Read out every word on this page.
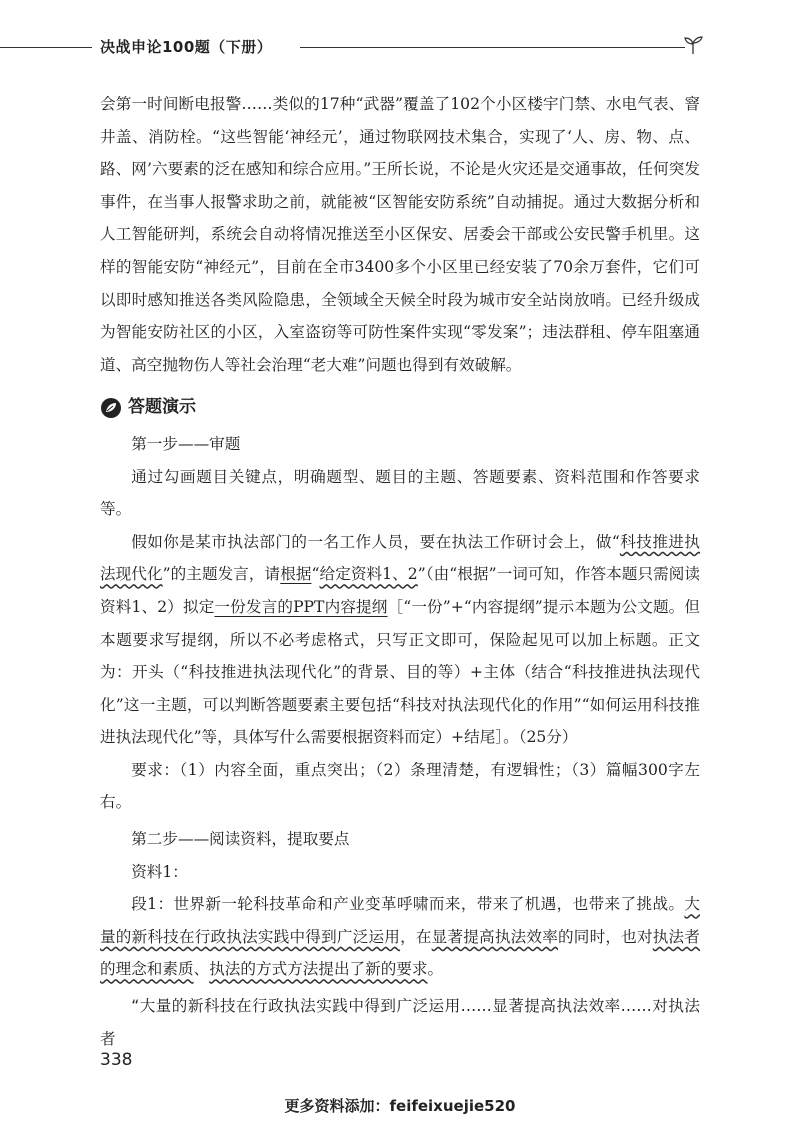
决战申论100题（下册）

会第一时间断电报警……类似的17种“武器”覆盖了102个小区楼宇门禁、水电气表、窨井盖、消防栓。“这些智能‘神经元’，通过物联网技术集合，实现了‘人、房、物、点、路、网’六要素的泛在感知和综合应用。”王所长说，不论是火灾还是交通事故，任何突发事件，在当事人报警求助之前，就能被“区智能安防系统”自动捕捉。通过大数据分析和人工智能研判，系统会自动将情况推送至小区保安、居委会干部或公安民警手机里。这样的智能安防“神经元”，目前在全市3400多个小区里已经安装了70余万套件，它们可以即时感知推送各类风险隐患，全领域全天候全时段为城市安全站岗放哨。已经升级成为智能安防社区的小区，入室盗窃等可防性案件实现“零发案”；违法群租、停车阻塞通道、高空抛物伤人等社会治理“老大难”问题也得到有效破解。

答题演示

第一步——审题

通过勾画题目关键点，明确题型、题目的主题、答题要素、资料范围和作答要求等。

假如你是某市执法部门的一名工作人员，要在执法工作研讨会上，做“科技推进执法现代化”的主题发言，请根据“给定资料1、2”（由“根据”一词可知，作答本题只需阅读资料1、2）拟定一份发言的PPT内容提纲［“一份”+“内容提纲”提示本题为公文题。但本题要求写提纲，所以不必考虑格式，只写正文即可，保险起见可以加上标题。正文为：开头（“科技推进执法现代化”的背景、目的等）+主体（结合“科技推进执法现代化”这一主题，可以判断答题要素主要包括“科技对执法现代化的作用”“如何运用科技推进执法现代化”等，具体写什么需要根据资料而定）+结尾］。（25分）

要求：（1）内容全面，重点突出；（2）条理清楚，有逻辑性；（3）篇幅300字左右。

第二步——阅读资料，提取要点

资料1：

段1：世界新一轮科技革命和产业变革呼啸而来，带来了机遇，也带来了挑战。大量的新科技在行政执法实践中得到广泛运用，在显著提高执法效率的同时，也对执法者的理念和素质、执法的方式方法提出了新的要求。

“大量的新科技在行政执法实践中得到广泛运用……显著提高执法效率……对执法者

338
更多资料添加：feifeixuejie520
